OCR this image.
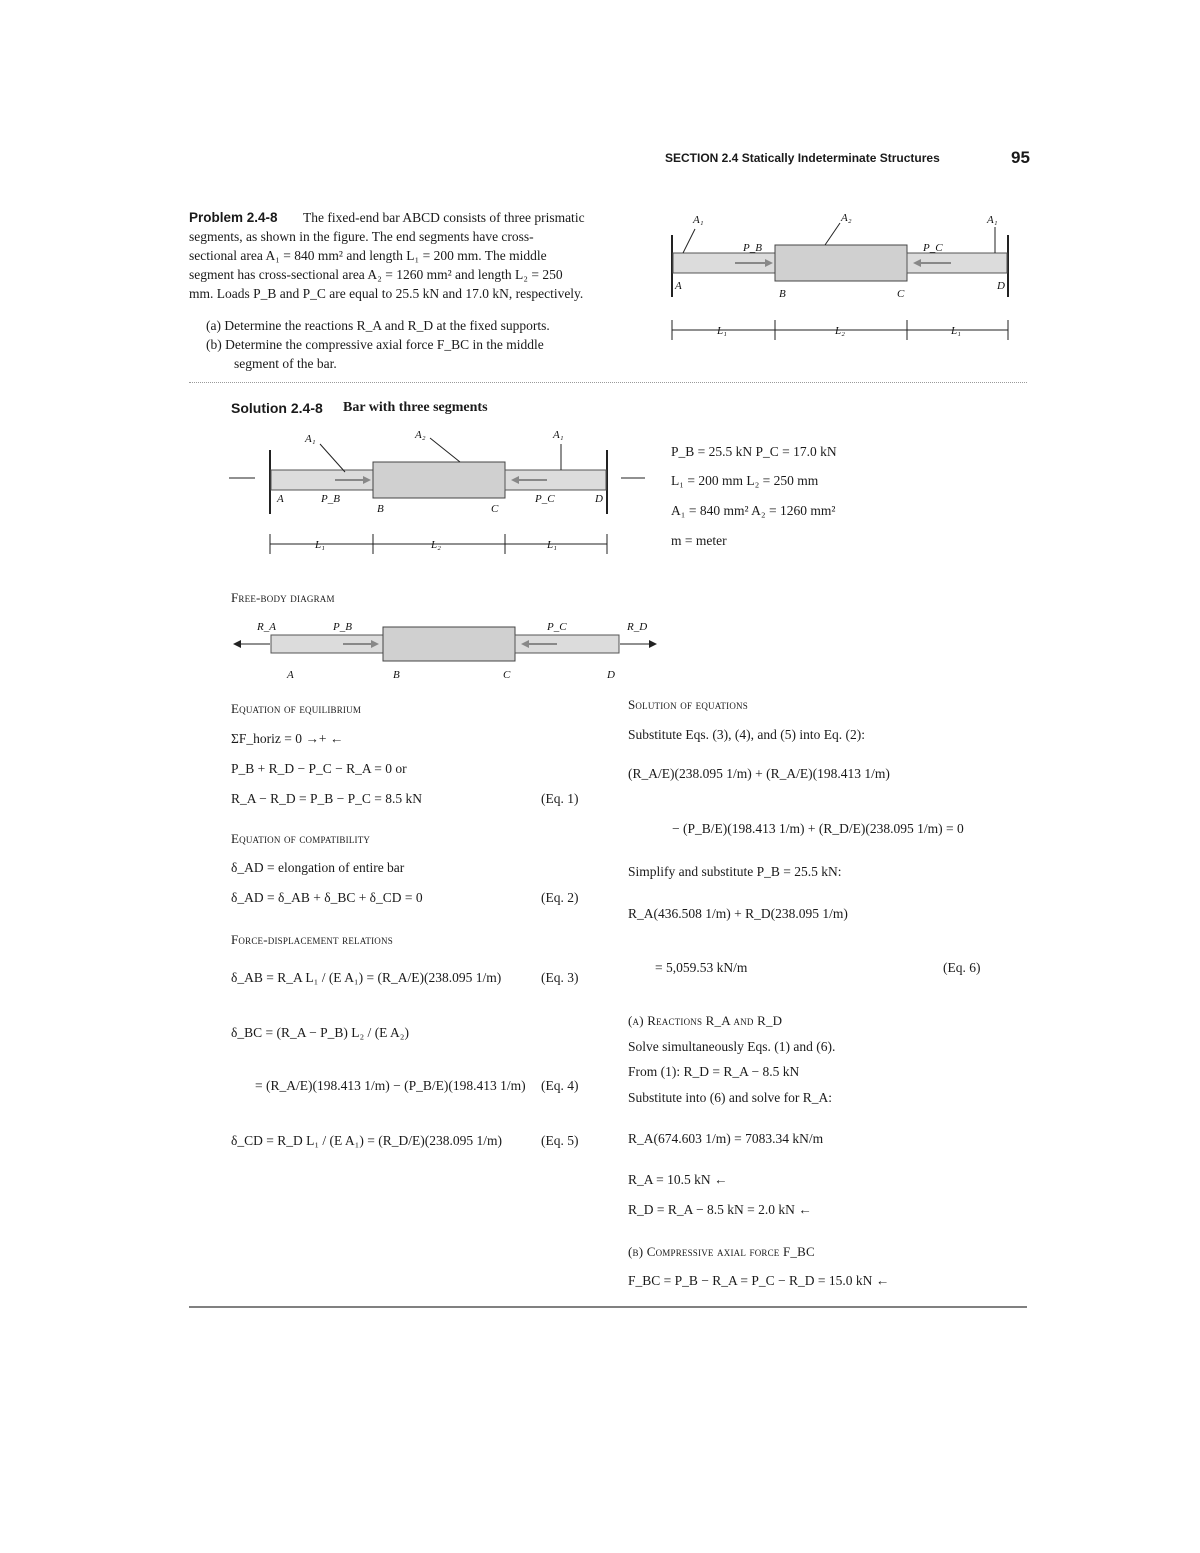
SECTION 2.4 Statically Indeterminate Structures	95
Problem 2.4-8 The fixed-end bar ABCD consists of three prismatic
segments, as shown in the figure. The end segments have cross-
sectional area A₁ = 840 mm² and length L₁ = 200 mm. The middle
segment has cross-sectional area A₂ = 1260 mm² and length L₂ = 250
mm. Loads P_B and P_C are equal to 25.5 kN and 17.0 kN, respectively.
(a) Determine the reactions R_A and R_D at the fixed supports.
(b) Determine the compressive axial force F_BC in the middle
segment of the bar.
A₁	A₂	A₁
P_B	P_C
A
B	C
D
L₁	L₂	L₁
Solution 2.4-8 Bar with three segments
A₁	A₂	A₁
P_B	P_C
A
B	C
D
L₁	L₂	L₁
P_B = 25.5 kN P_C = 17.0 kN
L₁ = 200 mm L₂ = 250 mm
A₁ = 840 mm² A₂ = 1260 mm²
m = meter
Free-body diagram
R_A	P_B	P_C	R_D
A	B	C	D
Equation of equilibrium
ΣF_horiz = 0 →+ ←
P_B + R_D − P_C − R_A = 0 or
R_A − R_D = P_B − P_C = 8.5 kN	(Eq. 1)
Equation of compatibility
δ_AD = elongation of entire bar
δ_AD = δ_AB + δ_BC + δ_CD = 0	(Eq. 2)
Force-displacement relations
δ_AB = R_A L₁ / (E A₁) = (R_A/E)(238.095 1/m)	(Eq. 3)
δ_BC = (R_A − P_B) L₂ / (E A₂)
= (R_A/E)(198.413 1/m) − (P_B/E)(198.413 1/m) (Eq. 4)
δ_CD = R_D L₁ / (E A₁) = (R_D/E)(238.095 1/m)	(Eq. 5)
Solution of equations
Substitute Eqs. (3), (4), and (5) into Eq. (2):
(R_A/E)(238.095 1/m) + (R_A/E)(198.413 1/m)
− (P_B/E)(198.413 1/m) + (R_D/E)(238.095 1/m) = 0
Simplify and substitute P_B = 25.5 kN:
R_A(436.508 1/m) + R_D(238.095 1/m)
= 5,059.53 kN/m	(Eq. 6)
(a) Reactions R_A and R_D
Solve simultaneously Eqs. (1) and (6).
From (1): R_D = R_A − 8.5 kN
Substitute into (6) and solve for R_A:
R_A(674.603 1/m) = 7083.34 kN/m
R_A = 10.5 kN ←
R_D = R_A − 8.5 kN = 2.0 kN ←
(b) Compressive axial force F_BC
F_BC = P_B − R_A = P_C − R_D = 15.0 kN ←
